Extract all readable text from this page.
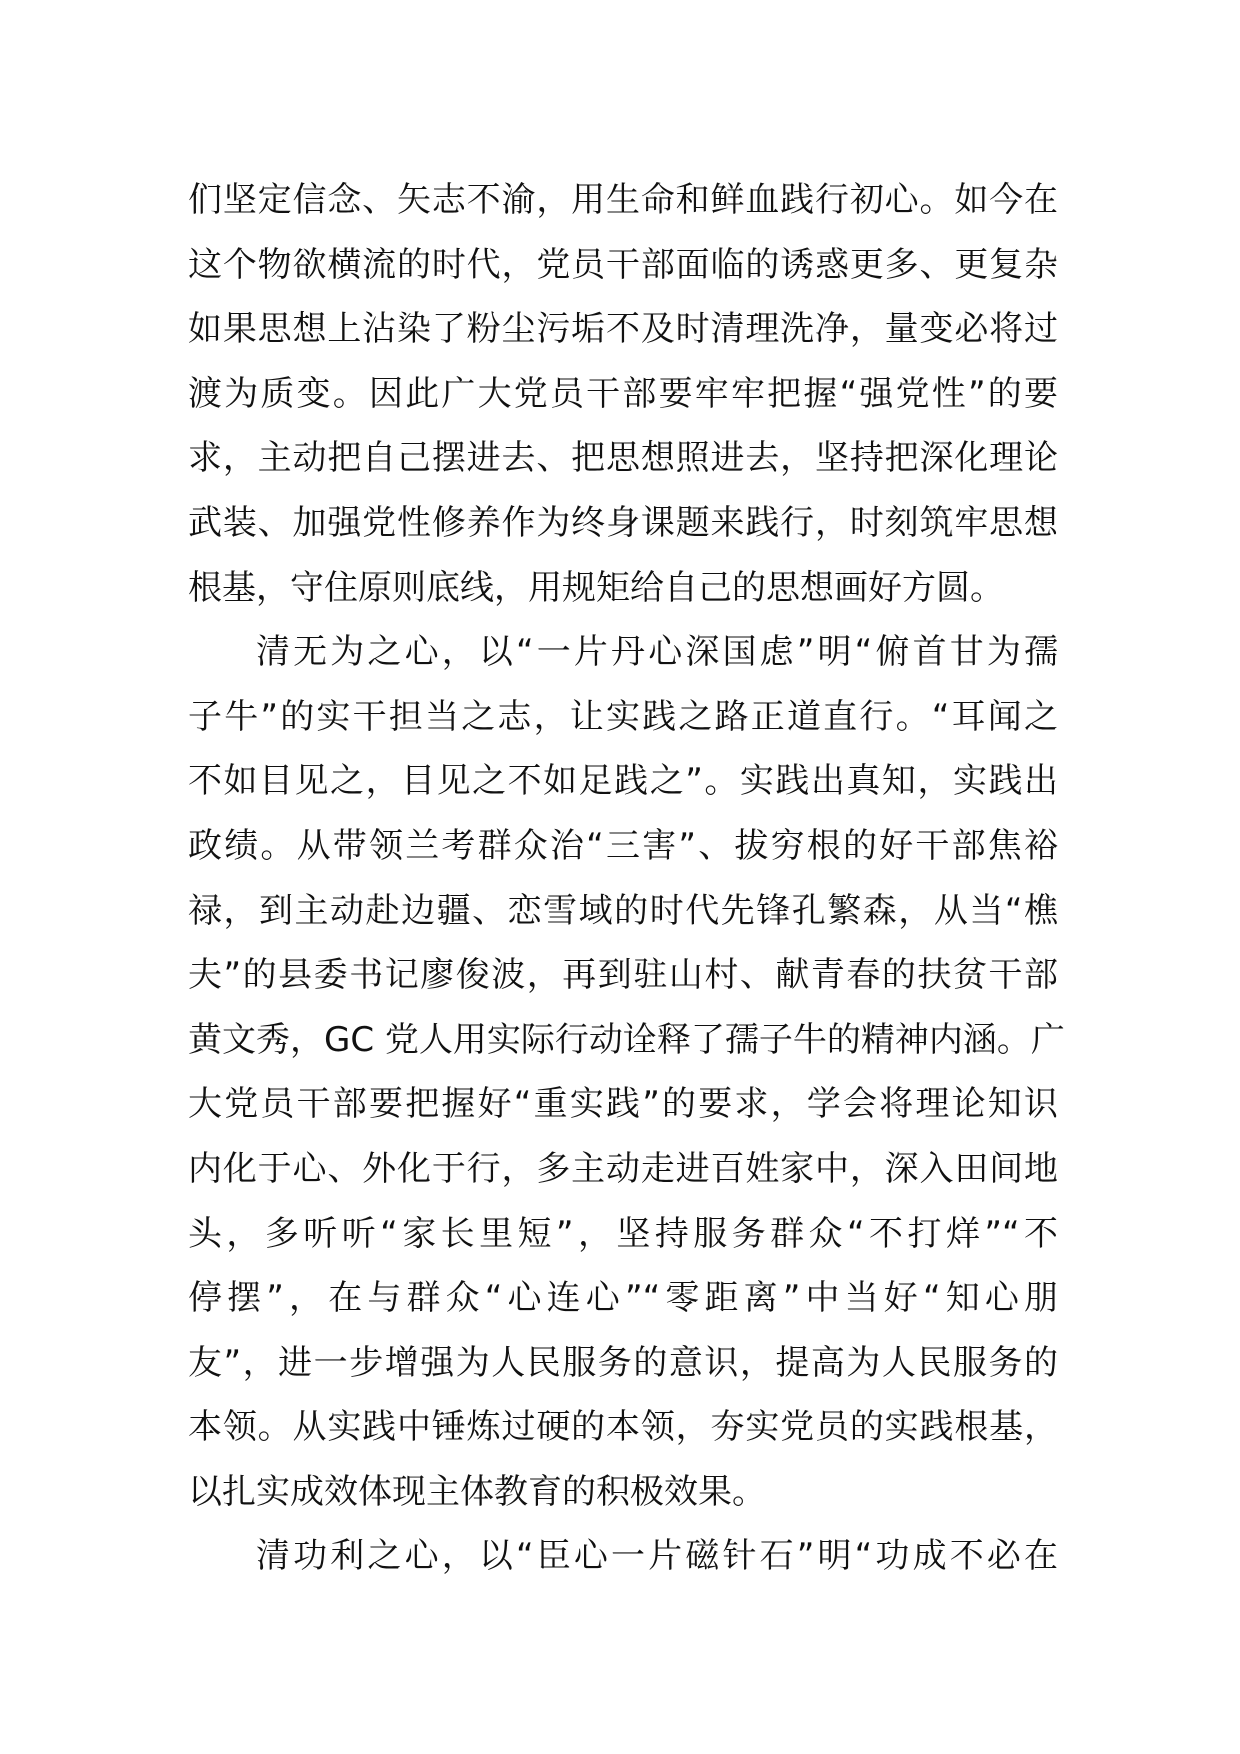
们坚定信念、矢志不渝，用生命和鲜血践行初心。如今在
这个物欲横流的时代，党员干部面临的诱惑更多、更复杂
如果思想上沾染了粉尘污垢不及时清理洗净，量变必将过
渡为质变。因此广大党员干部要牢牢把握“强党性”的要
求，主动把自己摆进去、把思想照进去，坚持把深化理论
武装、加强党性修养作为终身课题来践行，时刻筑牢思想
根基，守住原则底线，用规矩给自己的思想画好方圆。
清无为之心，以“一片丹心深国虑”明“俯首甘为孺
子牛”的实干担当之志，让实践之路正道直行。“耳闻之
不如目见之，目见之不如足践之”。实践出真知，实践出
政绩。从带领兰考群众治“三害”、拔穷根的好干部焦裕
禄，到主动赴边疆、恋雪域的时代先锋孔繁森，从当“樵
夫”的县委书记廖俊波，再到驻山村、献青春的扶贫干部
黄文秀，GC 党人用实际行动诠释了孺子牛的精神内涵。广
大党员干部要把握好“重实践”的要求，学会将理论知识
内化于心、外化于行，多主动走进百姓家中，深入田间地
头，多听听“家长里短”，坚持服务群众“不打烊”“不
停摆”，在与群众“心连心”“零距离”中当好“知心朋
友”，进一步增强为人民服务的意识，提高为人民服务的
本领。从实践中锤炼过硬的本领，夯实党员的实践根基，
以扎实成效体现主体教育的积极效果。
清功利之心，以“臣心一片磁针石”明“功成不必在
